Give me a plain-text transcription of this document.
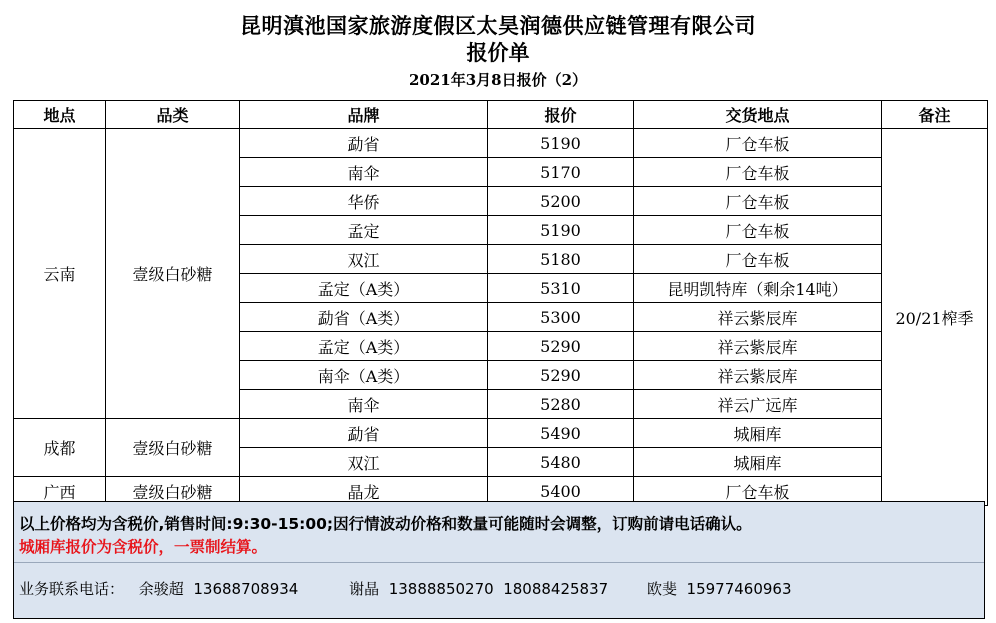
昆明滇池国家旅游度假区太昊润德供应链管理有限公司
报价单
2021年3月8日报价（2）
地点	品类	品牌	报价	交货地点	备注
云南	壹级白砂糖	勐省	5190	厂仓车板	20/21榨季
		南伞	5170	厂仓车板	
		华侨	5200	厂仓车板	
		孟定	5190	厂仓车板	
		双江	5180	厂仓车板	
		孟定（A类）	5310	昆明凯特库（剩余14吨）	
		勐省（A类）	5300	祥云紫辰库	
		孟定（A类）	5290	祥云紫辰库	
		南伞（A类）	5290	祥云紫辰库	
		南伞	5280	祥云广远库	
成都	壹级白砂糖	勐省	5490	城厢库	
		双江	5480	城厢库	
广西	壹级白砂糖	晶龙	5400	厂仓车板	
以上价格均为含税价,销售时间:9:30-15:00;因行情波动价格和数量可能随时会调整，订购前请电话确认。
城厢库报价为含税价，一票制结算。
业务联系电话： 余骏超 13688708934	谢晶 13888850270  18088425837	欧斐 15977460963
